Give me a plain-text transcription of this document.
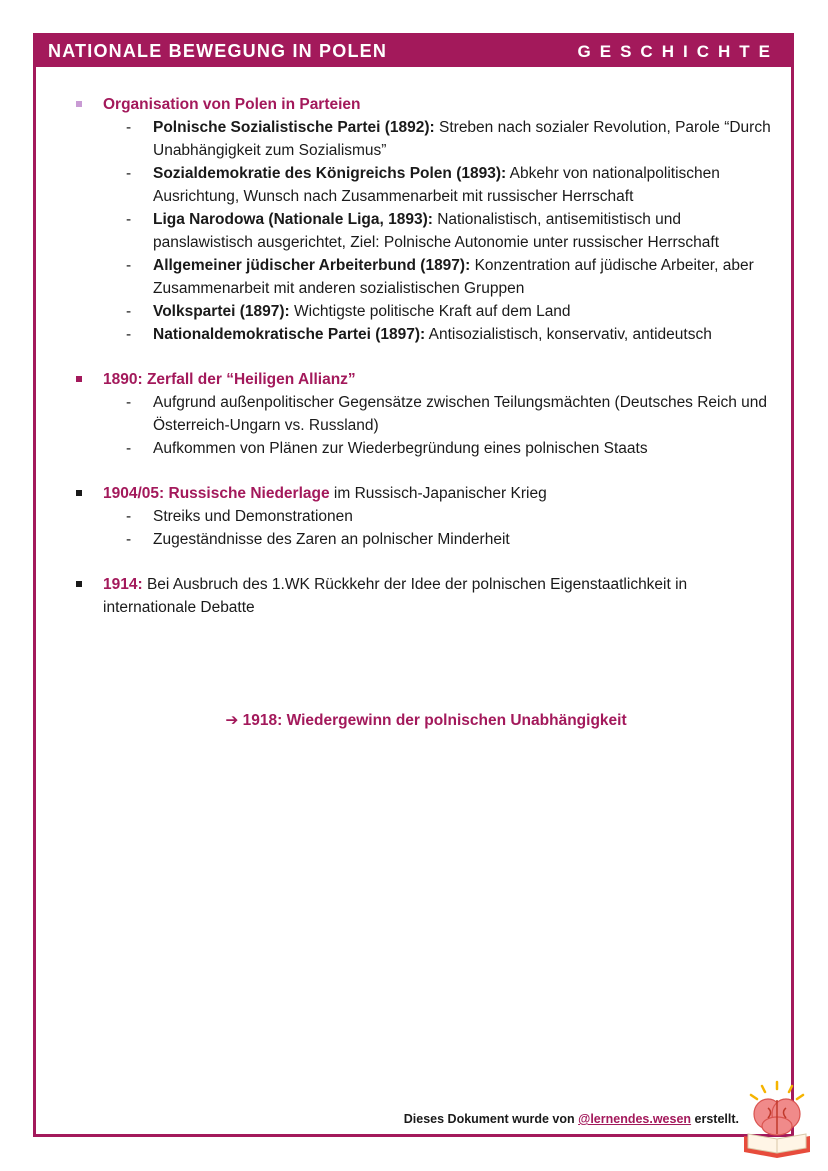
NATIONALE BEWEGUNG IN POLEN	GESCHICHTE
Organisation von Polen in Parteien
- Polnische Sozialistische Partei (1892): Streben nach sozialer Revolution, Parole “Durch Unabhängigkeit zum Sozialismus”
- Sozialdemokratie des Königreichs Polen (1893): Abkehr von nationalpolitischen Ausrichtung, Wunsch nach Zusammenarbeit mit russischer Herrschaft
- Liga Narodowa (Nationale Liga, 1893): Nationalistisch, antisemitistisch und panslawistisch ausgerichtet, Ziel: Polnische Autonomie unter russischer Herrschaft
- Allgemeiner jüdischer Arbeiterbund (1897): Konzentration auf jüdische Arbeiter, aber Zusammenarbeit mit anderen sozialistischen Gruppen
- Volkspartei (1897): Wichtigste politische Kraft auf dem Land
- Nationaldemokratische Partei (1897): Antisozialistisch, konservativ, antideutsch
1890: Zerfall der “Heiligen Allianz”
- Aufgrund außenpolitischer Gegensätze zwischen Teilungsmächten (Deutsches Reich und Österreich-Ungarn vs. Russland)
- Aufkommen von Plänen zur Wiederbegründung eines polnischen Staats
1904/05: Russische Niederlage im Russisch-Japanischer Krieg
- Streiks und Demonstrationen
- Zugeständnisse des Zaren an polnischer Minderheit
1914: Bei Ausbruch des 1.WK Rückkehr der Idee der polnischen Eigenstaatlichkeit in internationale Debatte
➔ 1918: Wiedergewinn der polnischen Unabhängigkeit
Dieses Dokument wurde von @lernendes.wesen erstellt.
